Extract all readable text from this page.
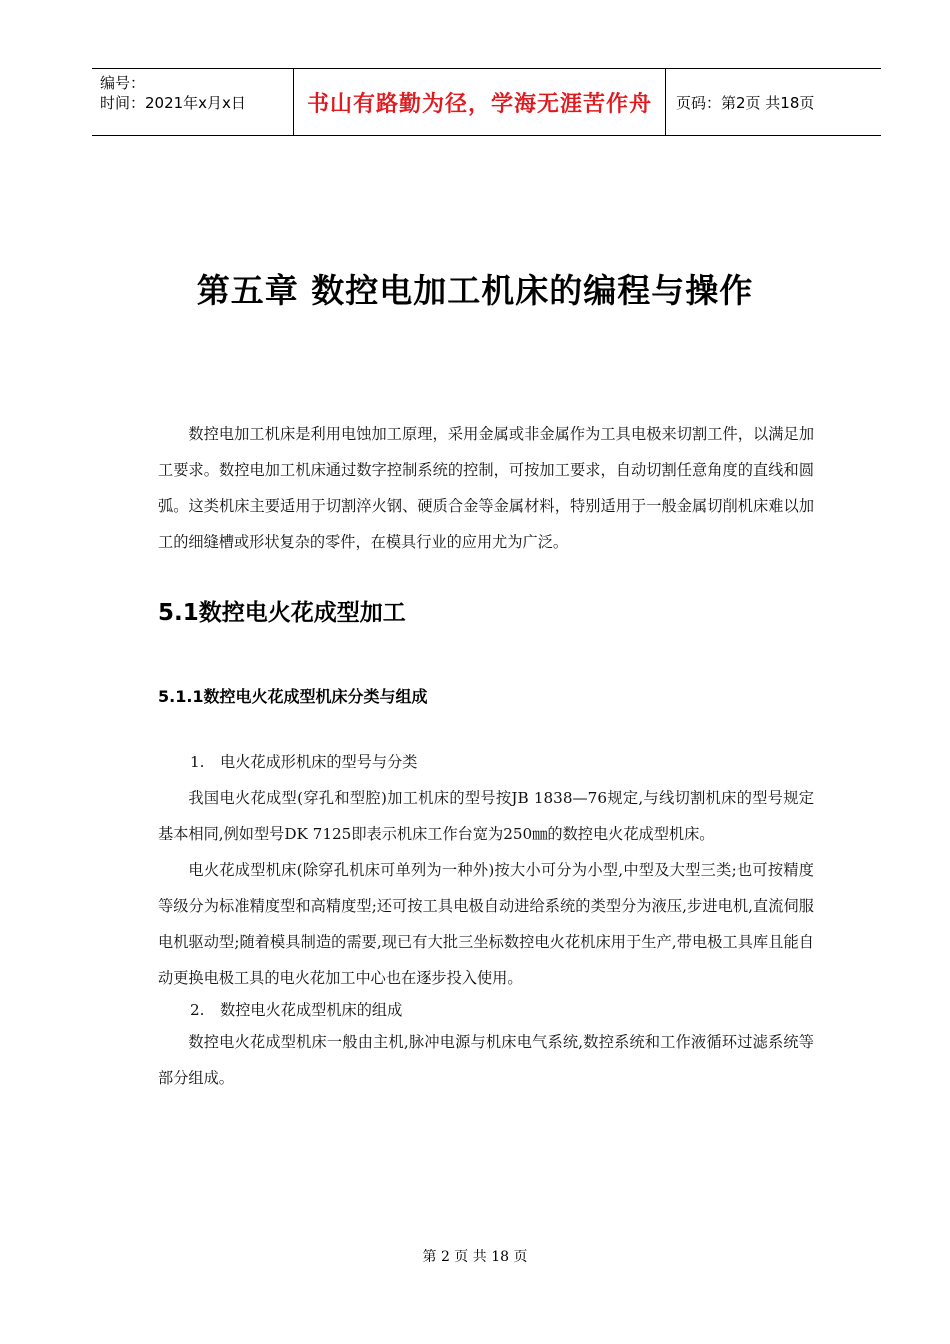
编号：
时间：2021年x月x日	书山有路勤为径，学海无涯苦作舟	页码：第2页 共18页
第五章 数控电加工机床的编程与操作

数控电加工机床是利用电蚀加工原理，采用金属或非金属作为工具电极来切割工件，以满足加工要求。数控电加工机床通过数字控制系统的控制，可按加工要求，自动切割任意角度的直线和圆弧。这类机床主要适用于切割淬火钢、硬质合金等金属材料，特别适用于一般金属切削机床难以加工的细缝槽或形状复杂的零件，在模具行业的应用尤为广泛。

5.1数控电火花成型加工
5.1.1数控电火花成型机床分类与组成

1. 电火花成形机床的型号与分类

我国电火花成型(穿孔和型腔)加工机床的型号按JB 1838—76规定,与线切割机床的型号规定基本相同,例如型号DK 7125即表示机床工作台宽为250㎜的数控电火花成型机床。

电火花成型机床(除穿孔机床可单列为一种外)按大小可分为小型,中型及大型三类;也可按精度等级分为标准精度型和高精度型;还可按工具电极自动进给系统的类型分为液压,步进电机,直流伺服电机驱动型;随着模具制造的需要,现已有大批三坐标数控电火花机床用于生产,带电极工具库且能自动更换电极工具的电火花加工中心也在逐步投入使用。

2. 数控电火花成型机床的组成

数控电火花成型机床一般由主机,脉冲电源与机床电气系统,数控系统和工作液循环过滤系统等部分组成。

第 2 页 共 18 页
